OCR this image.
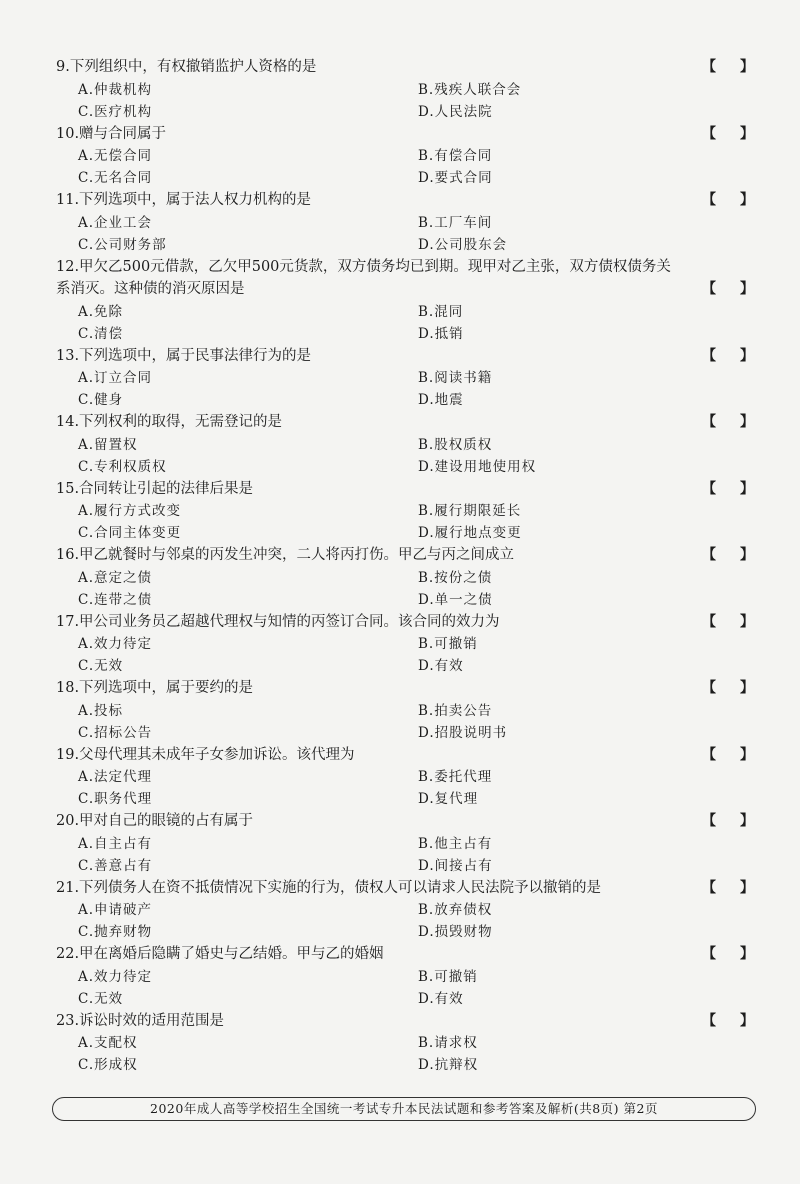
9.下列组织中，有权撤销监护人资格的是	【 】
A.仲裁机构	B.残疾人联合会
C.医疗机构	D.人民法院
10.赠与合同属于	【 】
A.无偿合同	B.有偿合同
C.无名合同	D.要式合同
11.下列选项中，属于法人权力机构的是	【 】
A.企业工会	B.工厂车间
C.公司财务部	D.公司股东会
12.甲欠乙500元借款，乙欠甲500元货款，双方债务均已到期。现甲对乙主张，双方债权债务关
系消灭。这种债的消灭原因是	【 】
A.免除	B.混同
C.清偿	D.抵销
13.下列选项中，属于民事法律行为的是	【 】
A.订立合同	B.阅读书籍
C.健身	D.地震
14.下列权利的取得，无需登记的是	【 】
A.留置权	B.股权质权
C.专利权质权	D.建设用地使用权
15.合同转让引起的法律后果是	【 】
A.履行方式改变	B.履行期限延长
C.合同主体变更	D.履行地点变更
16.甲乙就餐时与邻桌的丙发生冲突，二人将丙打伤。甲乙与丙之间成立	【 】
A.意定之债	B.按份之债
C.连带之债	D.单一之债
17.甲公司业务员乙超越代理权与知情的丙签订合同。该合同的效力为	【 】
A.效力待定	B.可撤销
C.无效	D.有效
18.下列选项中，属于要约的是	【 】
A.投标	B.拍卖公告
C.招标公告	D.招股说明书
19.父母代理其未成年子女参加诉讼。该代理为	【 】
A.法定代理	B.委托代理
C.职务代理	D.复代理
20.甲对自己的眼镜的占有属于	【 】
A.自主占有	B.他主占有
C.善意占有	D.间接占有
21.下列债务人在资不抵债情况下实施的行为，债权人可以请求人民法院予以撤销的是	【 】
A.申请破产	B.放弃债权
C.抛弃财物	D.损毁财物
22.甲在离婚后隐瞒了婚史与乙结婚。甲与乙的婚姻	【 】
A.效力待定	B.可撤销
C.无效	D.有效
23.诉讼时效的适用范围是	【 】
A.支配权	B.请求权
C.形成权	D.抗辩权
2020年成人高等学校招生全国统一考试专升本民法试题和参考答案及解析(共8页) 第2页
